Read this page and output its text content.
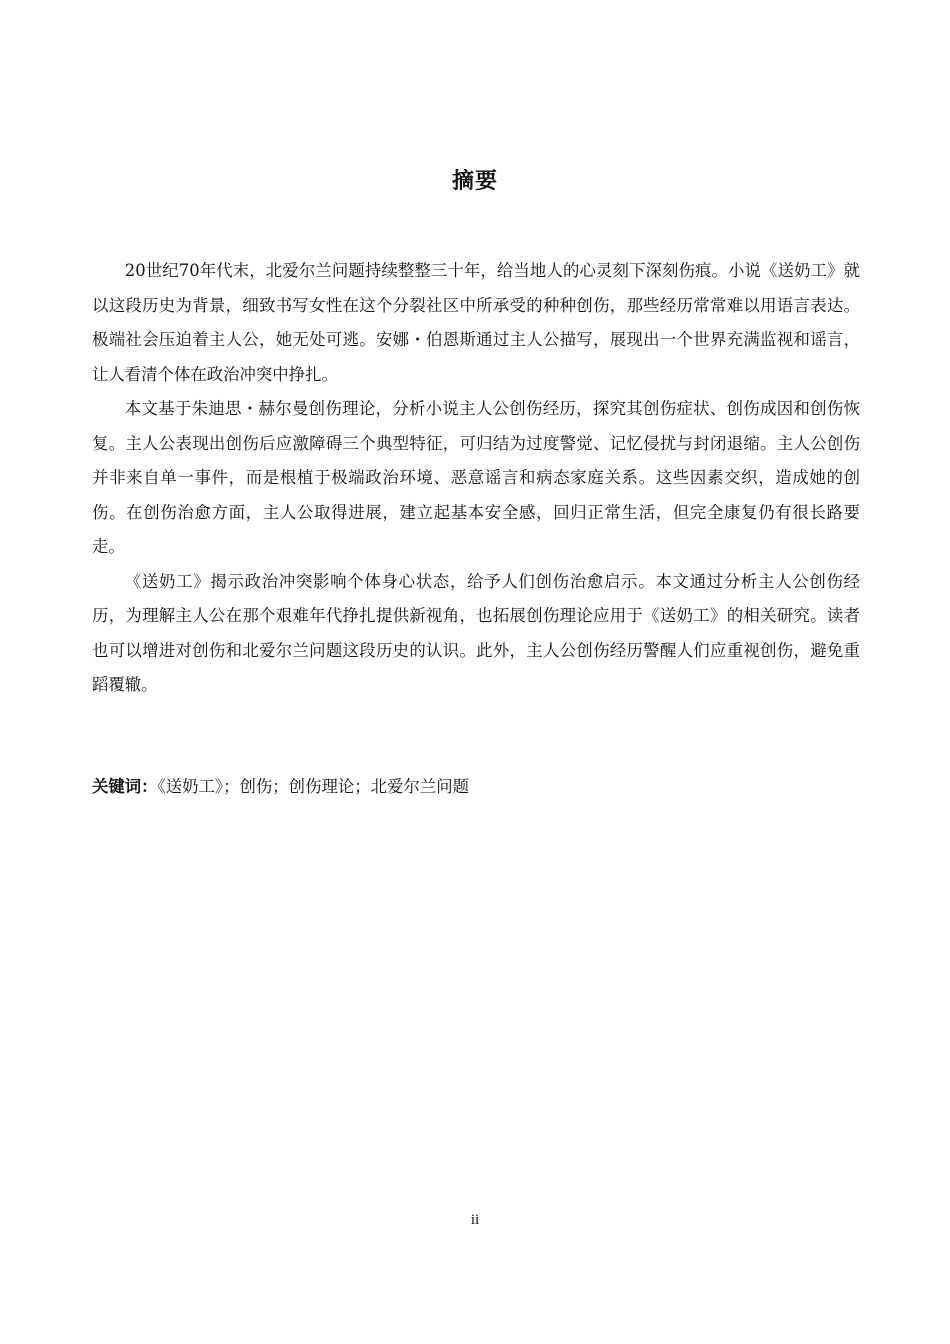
摘要

20世纪70年代末，北爱尔兰问题持续整整三十年，给当地人的心灵刻下深刻伤痕。小说《送奶工》就以这段历史为背景，细致书写女性在这个分裂社区中所承受的种种创伤，那些经历常常难以用语言表达。极端社会压迫着主人公，她无处可逃。安娜・伯恩斯通过主人公描写，展现出一个世界充满监视和谣言，让人看清个体在政治冲突中挣扎。

本文基于朱迪思・赫尔曼创伤理论，分析小说主人公创伤经历，探究其创伤症状、创伤成因和创伤恢复。主人公表现出创伤后应激障碍三个典型特征，可归结为过度警觉、记忆侵扰与封闭退缩。主人公创伤并非来自单一事件，而是根植于极端政治环境、恶意谣言和病态家庭关系。这些因素交织，造成她的创伤。在创伤治愈方面，主人公取得进展，建立起基本安全感，回归正常生活，但完全康复仍有很长路要走。

《送奶工》揭示政治冲突影响个体身心状态，给予人们创伤治愈启示。本文通过分析主人公创伤经历，为理解主人公在那个艰难年代挣扎提供新视角，也拓展创伤理论应用于《送奶工》的相关研究。读者也可以增进对创伤和北爱尔兰问题这段历史的认识。此外，主人公创伤经历警醒人们应重视创伤，避免重蹈覆辙。

关键词：《送奶工》；创伤；创伤理论；北爱尔兰问题
ii
